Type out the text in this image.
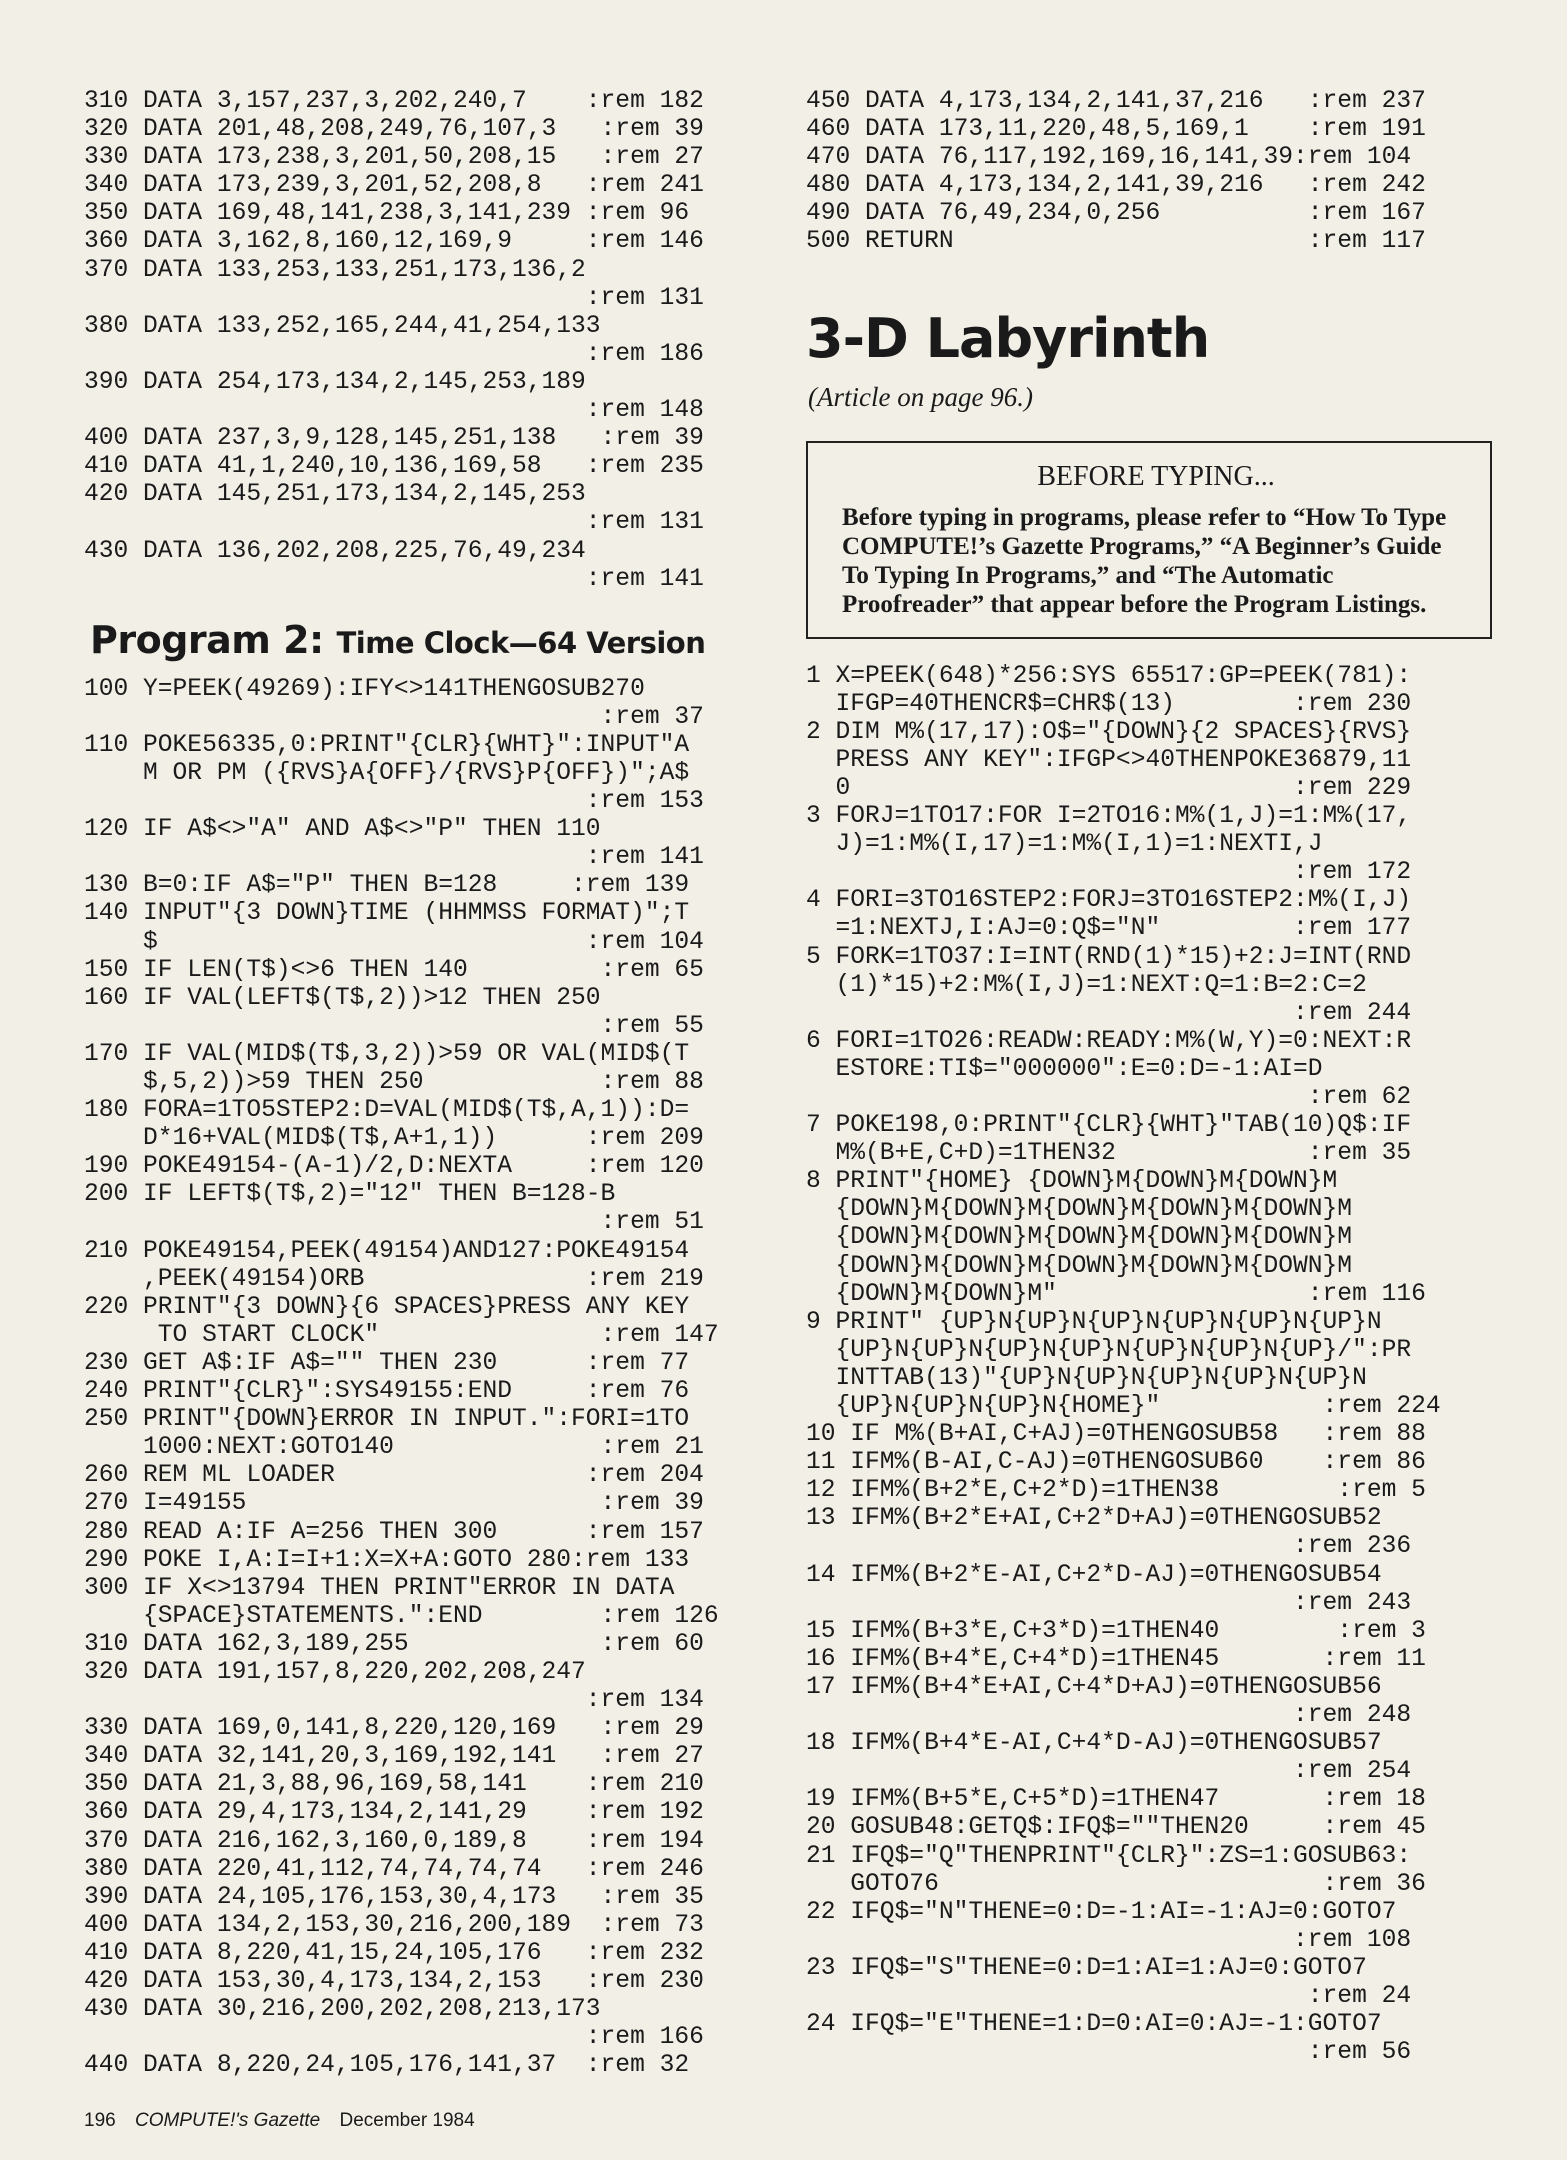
310 DATA 3,157,237,3,202,240,7    :rem 182
320 DATA 201,48,208,249,76,107,3   :rem 39
330 DATA 173,238,3,201,50,208,15   :rem 27
340 DATA 173,239,3,201,52,208,8   :rem 241
350 DATA 169,48,141,238,3,141,239 :rem 96
360 DATA 3,162,8,160,12,169,9     :rem 146
370 DATA 133,253,133,251,173,136,2
:rem 131
380 DATA 133,252,165,244,41,254,133
:rem 186
390 DATA 254,173,134,2,145,253,189
:rem 148
400 DATA 237,3,9,128,145,251,138   :rem 39
410 DATA 41,1,240,10,136,169,58   :rem 235
420 DATA 145,251,173,134,2,145,253
:rem 131
430 DATA 136,202,208,225,76,49,234
:rem 141
Program 2: Time Clock—64 Version
100 Y=PEEK(49269):IFY<>141THENGOSUB270
:rem 37
110 POKE56335,0:PRINT"{CLR}{WHT}":INPUT"A
M OR PM ({RVS}A{OFF}/{RVS}P{OFF})";A$
:rem 153
120 IF A$<>"A" AND A$<>"P" THEN 110
:rem 141
130 B=0:IF A$="P" THEN B=128     :rem 139
140 INPUT"{3 DOWN}TIME (HHMMSS FORMAT)";T
$                             :rem 104
150 IF LEN(T$)<>6 THEN 140         :rem 65
160 IF VAL(LEFT$(T$,2))>12 THEN 250
:rem 55
170 IF VAL(MID$(T$,3,2))>59 OR VAL(MID$(T
$,5,2))>59 THEN 250            :rem 88
180 FORA=1TO5STEP2:D=VAL(MID$(T$,A,1)):D=
D*16+VAL(MID$(T$,A+1,1))      :rem 209
190 POKE49154-(A-1)/2,D:NEXTA     :rem 120
200 IF LEFT$(T$,2)="12" THEN B=128-B
:rem 51
210 POKE49154,PEEK(49154)AND127:POKE49154
,PEEK(49154)ORB               :rem 219
220 PRINT"{3 DOWN}{6 SPACES}PRESS ANY KEY
TO START CLOCK"               :rem 147
230 GET A$:IF A$="" THEN 230      :rem 77
240 PRINT"{CLR}":SYS49155:END     :rem 76
250 PRINT"{DOWN}ERROR IN INPUT.":FORI=1TO
1000:NEXT:GOTO140              :rem 21
260 REM ML LOADER                 :rem 204
270 I=49155                        :rem 39
280 READ A:IF A=256 THEN 300      :rem 157
290 POKE I,A:I=I+1:X=X+A:GOTO 280:rem 133
300 IF X<>13794 THEN PRINT"ERROR IN DATA
{SPACE}STATEMENTS.":END        :rem 126
310 DATA 162,3,189,255             :rem 60
320 DATA 191,157,8,220,202,208,247
:rem 134
330 DATA 169,0,141,8,220,120,169   :rem 29
340 DATA 32,141,20,3,169,192,141   :rem 27
350 DATA 21,3,88,96,169,58,141    :rem 210
360 DATA 29,4,173,134,2,141,29    :rem 192
370 DATA 216,162,3,160,0,189,8    :rem 194
380 DATA 220,41,112,74,74,74,74   :rem 246
390 DATA 24,105,176,153,30,4,173   :rem 35
400 DATA 134,2,153,30,216,200,189  :rem 73
410 DATA 8,220,41,15,24,105,176   :rem 232
420 DATA 153,30,4,173,134,2,153   :rem 230
430 DATA 30,216,200,202,208,213,173
:rem 166
440 DATA 8,220,24,105,176,141,37  :rem 32
450 DATA 4,173,134,2,141,37,216   :rem 237
460 DATA 173,11,220,48,5,169,1    :rem 191
470 DATA 76,117,192,169,16,141,39:rem 104
480 DATA 4,173,134,2,141,39,216   :rem 242
490 DATA 76,49,234,0,256          :rem 167
500 RETURN                        :rem 117
3-D Labyrinth
(Article on page 96.)
BEFORE TYPING...
Before typing in programs, please refer to “How To Type COMPUTE!’s Gazette Programs,” “A Beginner’s Guide To Typing In Programs,” and “The Automatic Proofreader” that appear before the Program Listings.
1 X=PEEK(648)*256:SYS 65517:GP=PEEK(781):
IFGP=40THENCR$=CHR$(13)        :rem 230
2 DIM M%(17,17):O$="{DOWN}{2 SPACES}{RVS}
PRESS ANY KEY":IFGP<>40THENPOKE36879,11
0                              :rem 229
3 FORJ=1TO17:FOR I=2TO16:M%(1,J)=1:M%(17,
J)=1:M%(I,17)=1:M%(I,1)=1:NEXTI,J
:rem 172
4 FORI=3TO16STEP2:FORJ=3TO16STEP2:M%(I,J)
=1:NEXTJ,I:AJ=0:Q$="N"         :rem 177
5 FORK=1TO37:I=INT(RND(1)*15)+2:J=INT(RND
(1)*15)+2:M%(I,J)=1:NEXT:Q=1:B=2:C=2
:rem 244
6 FORI=1TO26:READW:READY:M%(W,Y)=0:NEXT:R
ESTORE:TI$="000000":E=0:D=-1:AI=D
:rem 62
7 POKE198,0:PRINT"{CLR}{WHT}"TAB(10)Q$:IF
M%(B+E,C+D)=1THEN32             :rem 35
8 PRINT"{HOME} {DOWN}M{DOWN}M{DOWN}M
{DOWN}M{DOWN}M{DOWN}M{DOWN}M{DOWN}M
{DOWN}M{DOWN}M{DOWN}M{DOWN}M{DOWN}M
{DOWN}M{DOWN}M{DOWN}M{DOWN}M{DOWN}M
{DOWN}M{DOWN}M"                 :rem 116
9 PRINT" {UP}N{UP}N{UP}N{UP}N{UP}N{UP}N
{UP}N{UP}N{UP}N{UP}N{UP}N{UP}N{UP}/":PR
INTTAB(13)"{UP}N{UP}N{UP}N{UP}N{UP}N
{UP}N{UP}N{UP}N{HOME}"           :rem 224
10 IF M%(B+AI,C+AJ)=0THENGOSUB58   :rem 88
11 IFM%(B-AI,C-AJ)=0THENGOSUB60    :rem 86
12 IFM%(B+2*E,C+2*D)=1THEN38        :rem 5
13 IFM%(B+2*E+AI,C+2*D+AJ)=0THENGOSUB52
:rem 236
14 IFM%(B+2*E-AI,C+2*D-AJ)=0THENGOSUB54
:rem 243
15 IFM%(B+3*E,C+3*D)=1THEN40        :rem 3
16 IFM%(B+4*E,C+4*D)=1THEN45       :rem 11
17 IFM%(B+4*E+AI,C+4*D+AJ)=0THENGOSUB56
:rem 248
18 IFM%(B+4*E-AI,C+4*D-AJ)=0THENGOSUB57
:rem 254
19 IFM%(B+5*E,C+5*D)=1THEN47       :rem 18
20 GOSUB48:GETQ$:IFQ$=""THEN20     :rem 45
21 IFQ$="Q"THENPRINT"{CLR}":ZS=1:GOSUB63:
GOTO76                          :rem 36
22 IFQ$="N"THENE=0:D=-1:AI=-1:AJ=0:GOTO7
:rem 108
23 IFQ$="S"THENE=0:D=1:AI=1:AJ=0:GOTO7
:rem 24
24 IFQ$="E"THENE=1:D=0:AI=0:AJ=-1:GOTO7
:rem 56
196 COMPUTE!'s Gazette December 1984
